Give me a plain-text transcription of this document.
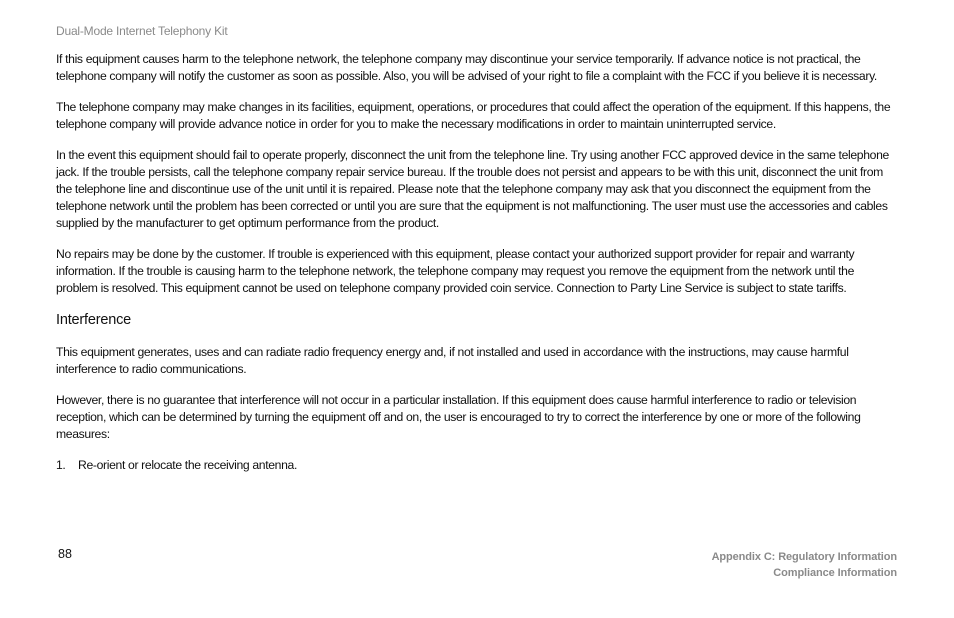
Dual-Mode Internet Telephony Kit

If this equipment causes harm to the telephone network, the telephone company may discontinue your service temporarily. If advance notice is not practical, the telephone company will notify the customer as soon as possible. Also, you will be advised of your right to file a complaint with the FCC if you believe it is necessary.

The telephone company may make changes in its facilities, equipment, operations, or procedures that could affect the operation of the equipment. If this happens, the telephone company will provide advance notice in order for you to make the necessary modifications in order to maintain uninterrupted service.

In the event this equipment should fail to operate properly, disconnect the unit from the telephone line. Try using another FCC approved device in the same telephone jack. If the trouble persists, call the telephone company repair service bureau. If the trouble does not persist and appears to be with this unit, disconnect the unit from the telephone line and discontinue use of the unit until it is repaired. Please note that the telephone company may ask that you disconnect the equipment from the telephone network until the problem has been corrected or until you are sure that the equipment is not malfunctioning. The user must use the accessories and cables supplied by the manufacturer to get optimum performance from the product.

No repairs may be done by the customer. If trouble is experienced with this equipment, please contact your authorized support provider for repair and warranty information. If the trouble is causing harm to the telephone network, the telephone company may request you remove the equipment from the network until the problem is resolved. This equipment cannot be used on telephone company provided coin service. Connection to Party Line Service is subject to state tariffs.

Interference

This equipment generates, uses and can radiate radio frequency energy and, if not installed and used in accordance with the instructions, may cause harmful interference to radio communications.

However, there is no guarantee that interference will not occur in a particular installation. If this equipment does cause harmful interference to radio or television reception, which can be determined by turning the equipment off and on, the user is encouraged to try to correct the interference by one or more of the following measures:

1.	Re-orient or relocate the receiving antenna.
88	Appendix C: Regulatory Information
Compliance Information
